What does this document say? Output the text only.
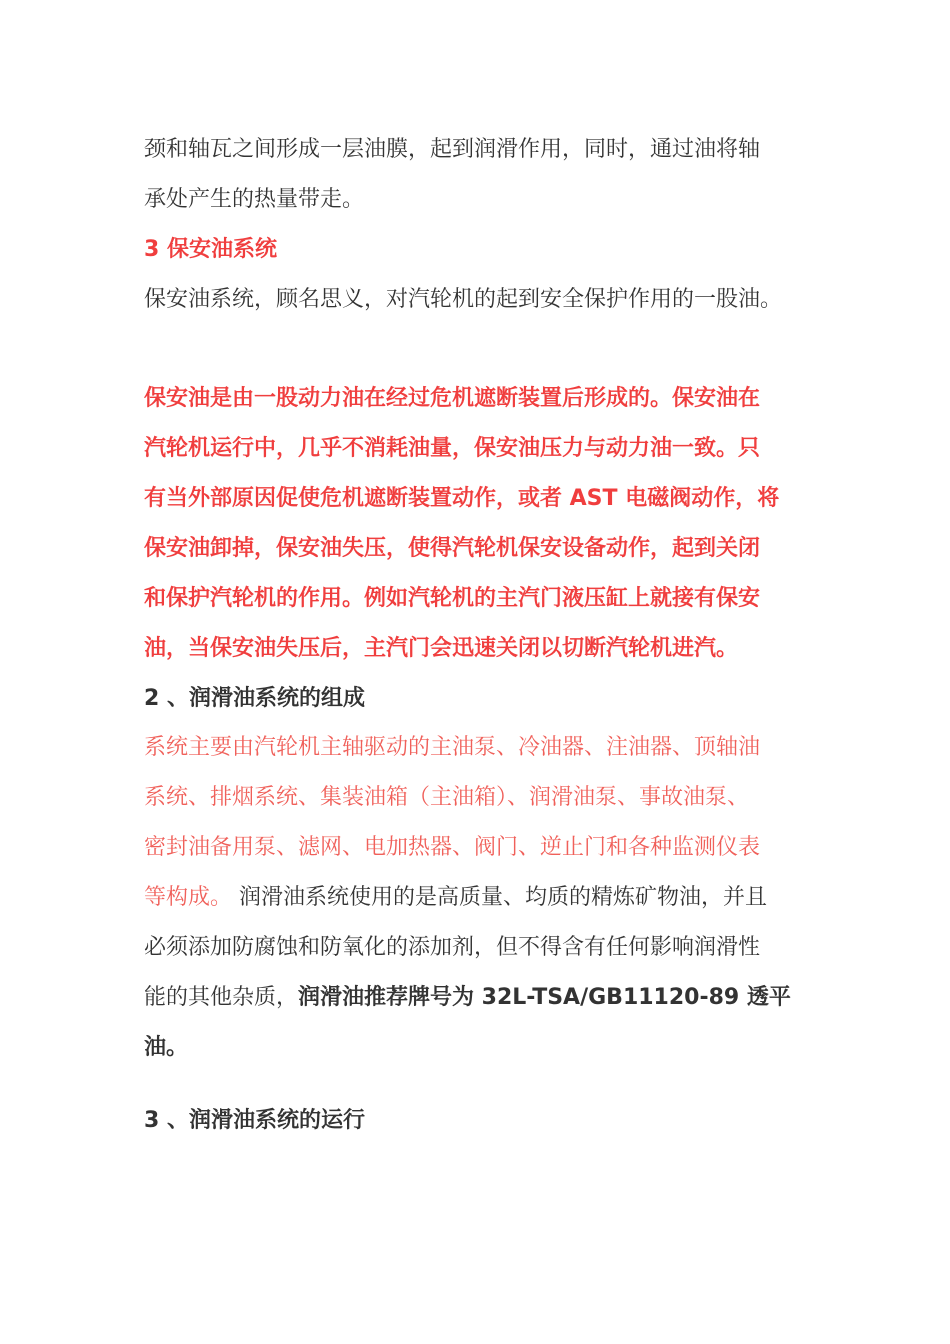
颈和轴瓦之间形成一层油膜，起到润滑作用，同时，通过油将轴
承处产生的热量带走。
3 保安油系统
保安油系统，顾名思义，对汽轮机的起到安全保护作用的一股油。
保安油是由一股动力油在经过危机遮断装置后形成的。保安油在
汽轮机运行中，几乎不消耗油量，保安油压力与动力油一致。只
有当外部原因促使危机遮断装置动作，或者 AST 电磁阀动作，将
保安油卸掉，保安油失压，使得汽轮机保安设备动作，起到关闭
和保护汽轮机的作用。例如汽轮机的主汽门液压缸上就接有保安
油，当保安油失压后，主汽门会迅速关闭以切断汽轮机进汽。
2 、润滑油系统的组成
系统主要由汽轮机主轴驱动的主油泵、冷油器、注油器、顶轴油
系统、排烟系统、集装油箱（主油箱）、润滑油泵、事故油泵、
密封油备用泵、滤网、电加热器、阀门、逆止门和各种监测仪表
等构成。 润滑油系统使用的是高质量、均质的精炼矿物油，并且
必须添加防腐蚀和防氧化的添加剂，但不得含有任何影响润滑性
能的其他杂质，润滑油推荐牌号为 32L-TSA/GB11120-89 透平
油。
3 、润滑油系统的运行
